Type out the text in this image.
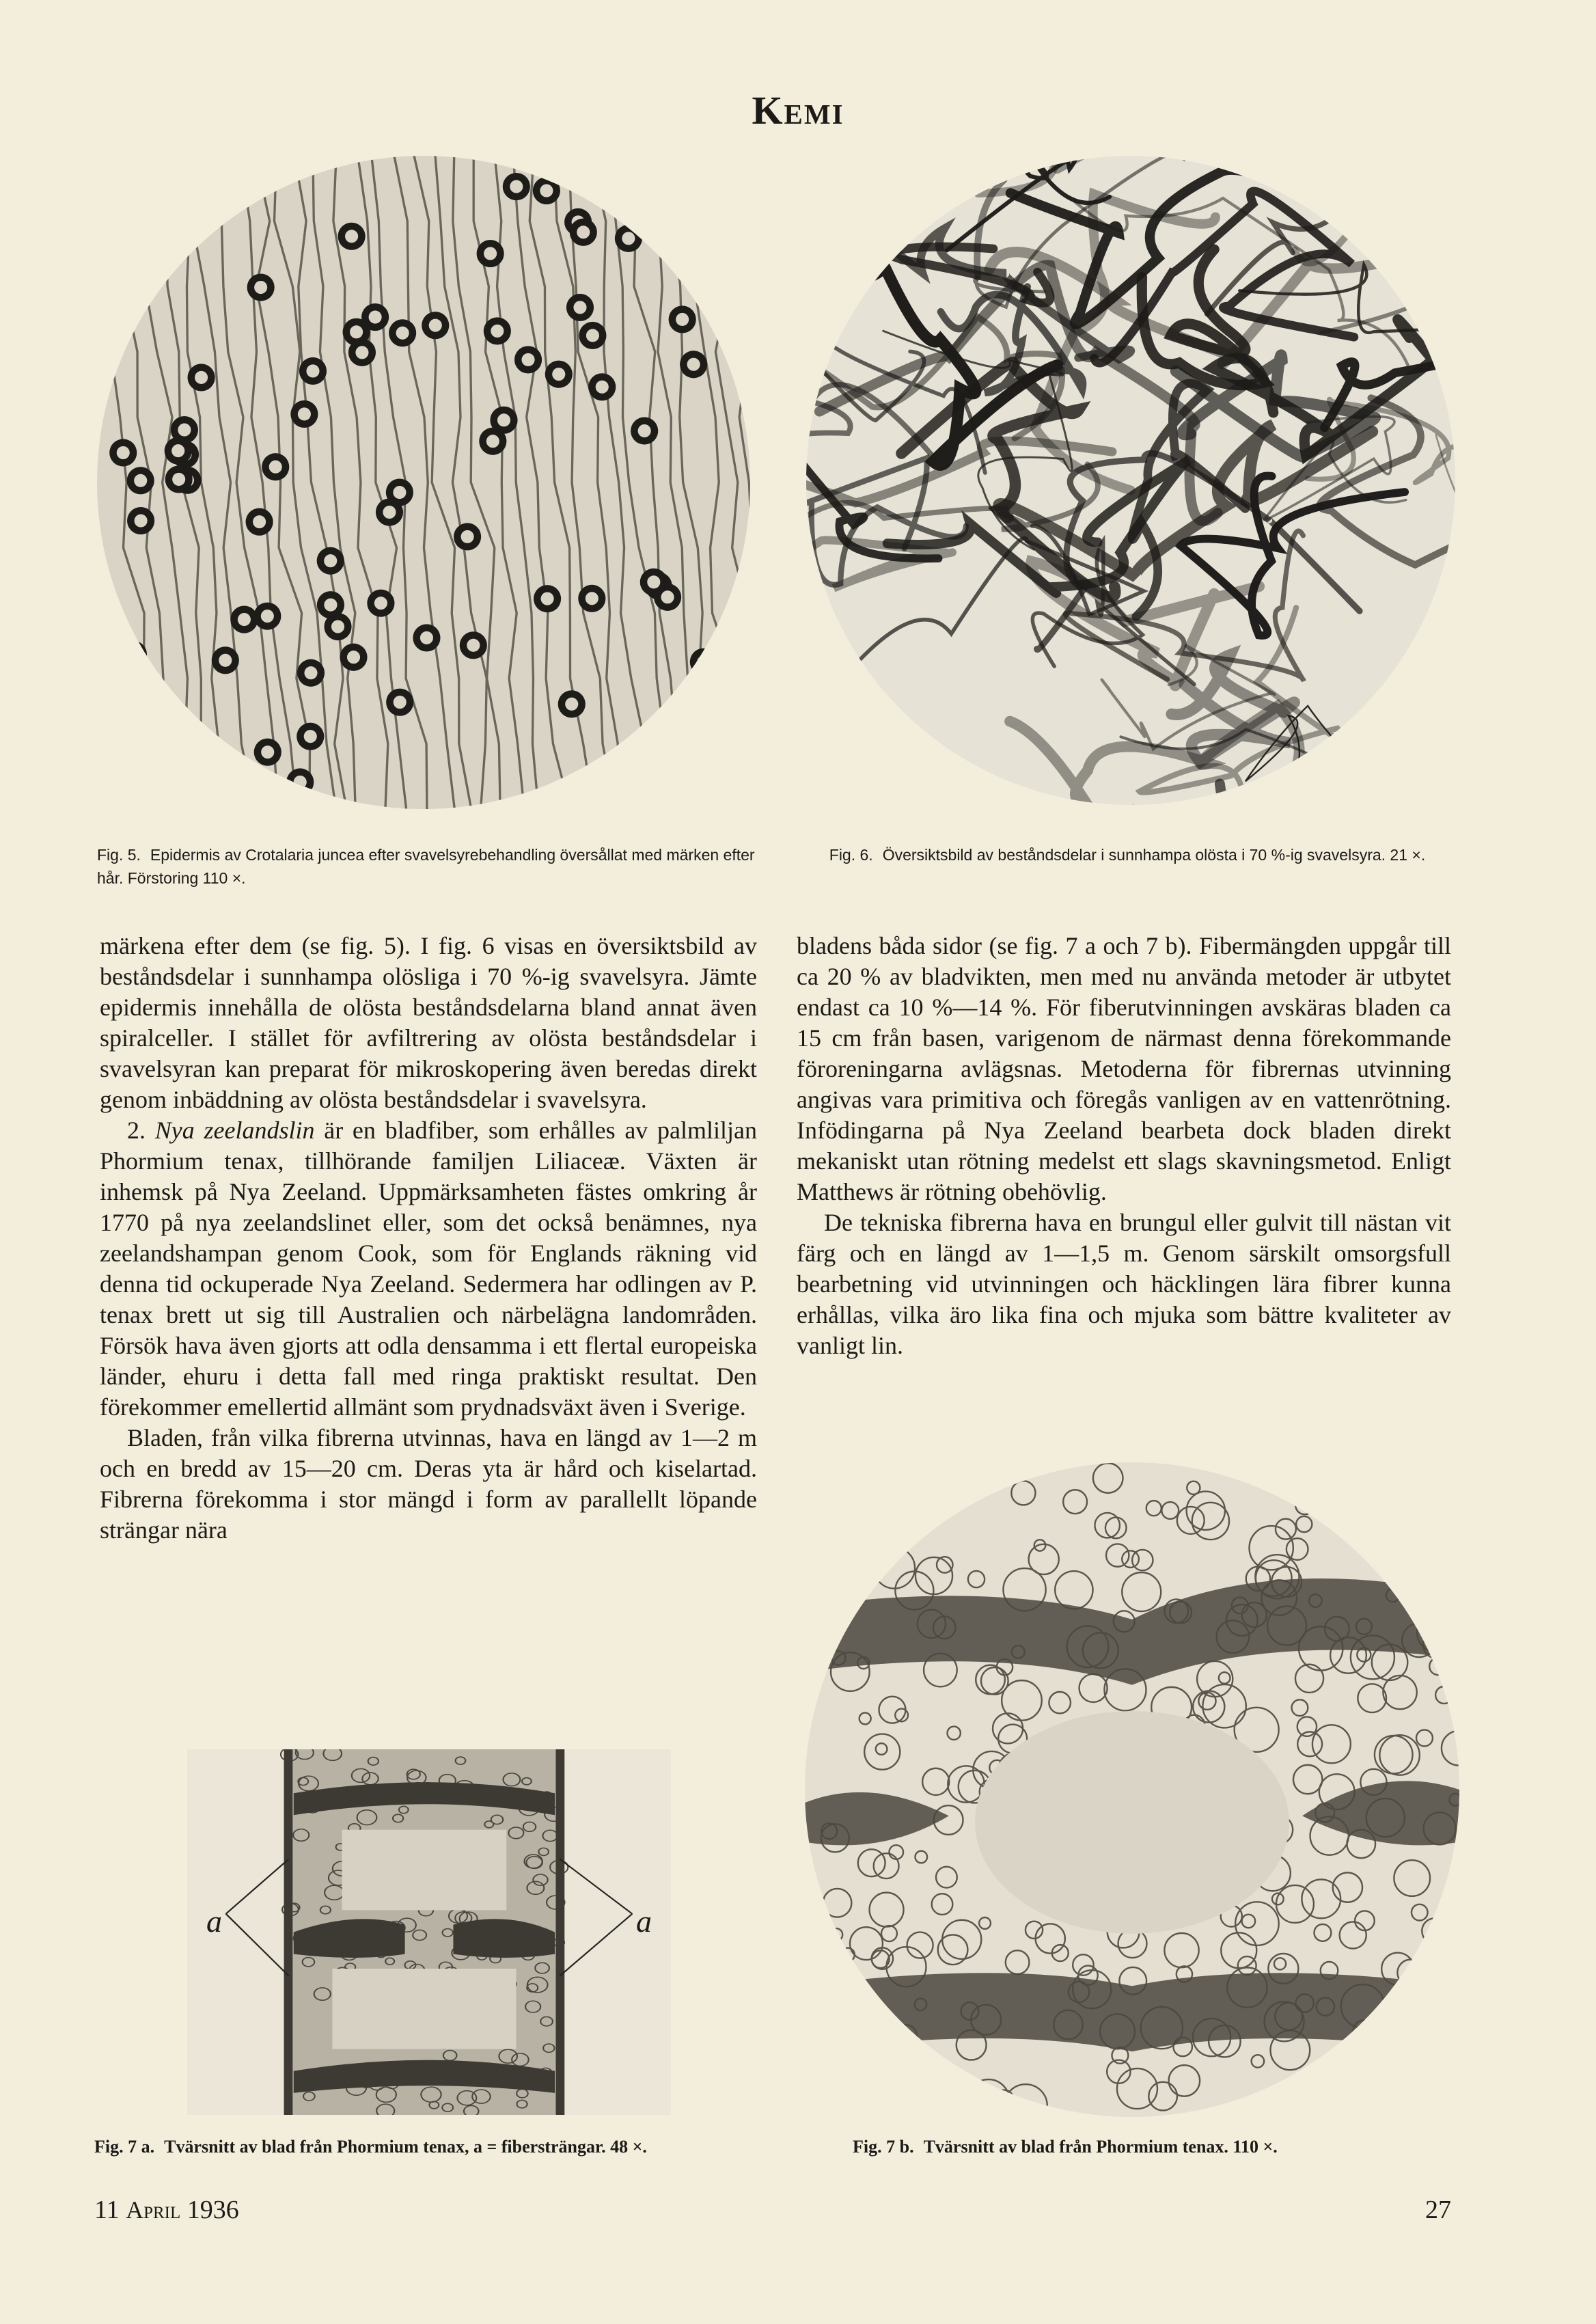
Kemi
Fig. 5. Epidermis av Crotalaria juncea efter svavelsyrebehandling översållat med märken efter hår. Förstoring 110 ×.
Fig. 6. Översiktsbild av beståndsdelar i sunnhampa olösta i 70 %-ig svavelsyra. 21 ×.

märkena efter dem (se fig. 5). I fig. 6 visas en översiktsbild av beståndsdelar i sunnhampa olösliga i 70 %-ig svavelsyra. Jämte epidermis innehålla de olösta beståndsdelarna bland annat även spiralceller. I stället för avfiltrering av olösta beståndsdelar i svavelsyran kan preparat för mikroskopering även beredas direkt genom inbäddning av olösta beståndsdelar i svavelsyra.

2. Nya zeelandslin är en bladfiber, som erhålles av palmliljan Phormium tenax, tillhörande familjen Liliaceæ. Växten är inhemsk på Nya Zeeland. Uppmärksamheten fästes omkring år 1770 på nya zeelandslinet eller, som det också benämnes, nya zeelandshampan genom Cook, som för Englands räkning vid denna tid ockuperade Nya Zeeland. Sedermera har odlingen av P. tenax brett ut sig till Australien och närbelägna landområden. Försök hava även gjorts att odla densamma i ett flertal europeiska länder, ehuru i detta fall med ringa praktiskt resultat. Den förekommer emellertid allmänt som prydnadsväxt även i Sverige.

Bladen, från vilka fibrerna utvinnas, hava en längd av 1—2 m och en bredd av 15—20 cm. Deras yta är hård och kiselartad. Fibrerna förekomma i stor mängd i form av parallellt löpande strängar nära

bladens båda sidor (se fig. 7 a och 7 b). Fibermängden uppgår till ca 20 % av bladvikten, men med nu använda metoder är utbytet endast ca 10 %—14 %. För fiberutvinningen avskäras bladen ca 15 cm från basen, varigenom de närmast denna förekommande föroreningarna avlägsnas. Metoderna för fibrernas utvinning angivas vara primitiva och föregås vanligen av en vattenrötning. Infödingarna på Nya Zeeland bearbeta dock bladen direkt mekaniskt utan rötning medelst ett slags skavningsmetod. Enligt Matthews är rötning obehövlig.

De tekniska fibrerna hava en brungul eller gulvit till nästan vit färg och en längd av 1—1,5 m. Genom särskilt omsorgsfull bearbetning vid utvinningen och häcklingen lära fibrer kunna erhållas, vilka äro lika fina och mjuka som bättre kvaliteter av vanligt lin.

a	a
Fig. 7 a. Tvärsnitt av blad från Phormium tenax, a = fibersträngar. 48 ×.	Fig. 7 b. Tvärsnitt av blad från Phormium tenax. 110 ×.
11 April 1936	27
